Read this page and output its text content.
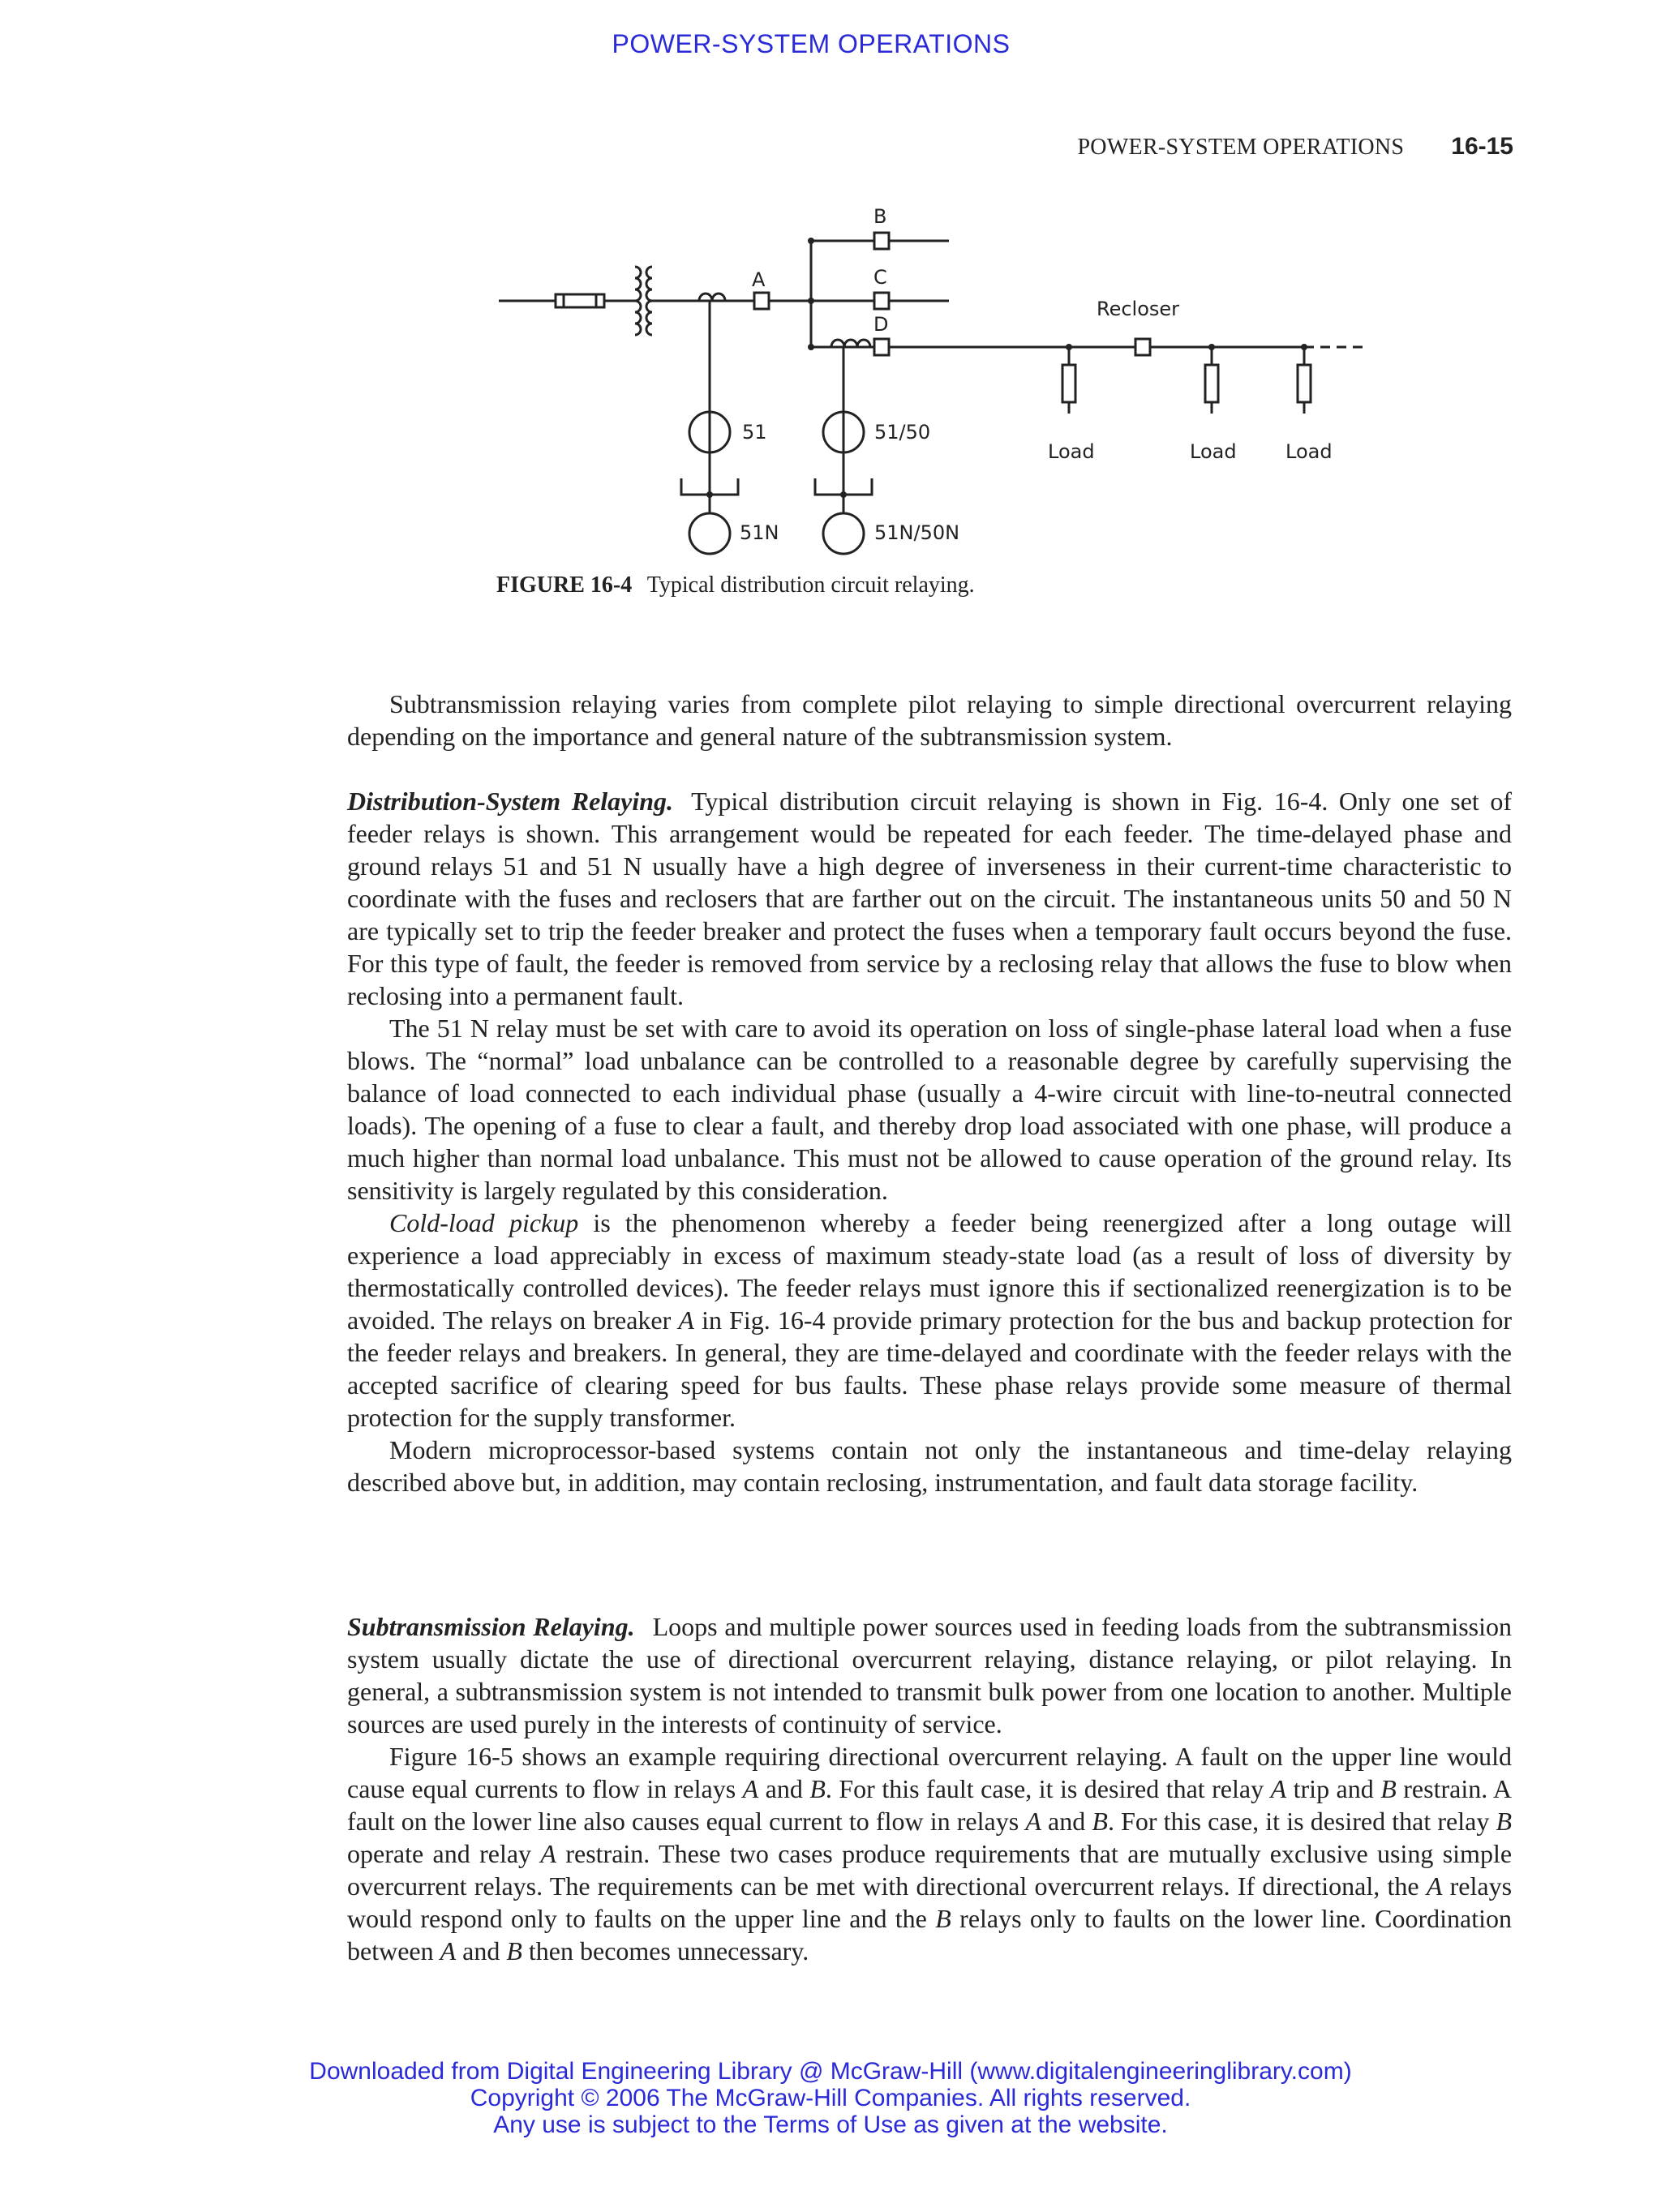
POWER-SYSTEM OPERATIONS
POWER-SYSTEM OPERATIONS 16-15
A
B
C
D
Recloser
51	51/50
51N	51N/50N
Load	Load	Load
FIGURE 16-4 Typical distribution circuit relaying.

Subtransmission relaying varies from complete pilot relaying to simple directional overcurrent relaying depending on the importance and general nature of the subtransmission system.

Distribution-System Relaying. Typical distribution circuit relaying is shown in Fig. 16-4. Only one set of feeder relays is shown. This arrangement would be repeated for each feeder. The time-delayed phase and ground relays 51 and 51 N usually have a high degree of inverseness in their current-time characteristic to coordinate with the fuses and reclosers that are farther out on the circuit. The instantaneous units 50 and 50 N are typically set to trip the feeder breaker and protect the fuses when a temporary fault occurs beyond the fuse. For this type of fault, the feeder is removed from service by a reclosing relay that allows the fuse to blow when reclosing into a permanent fault.

The 51 N relay must be set with care to avoid its operation on loss of single-phase lateral load when a fuse blows. The “normal” load unbalance can be controlled to a reasonable degree by carefully supervising the balance of load connected to each individual phase (usually a 4-wire circuit with line-to-neutral connected loads). The opening of a fuse to clear a fault, and thereby drop load associated with one phase, will produce a much higher than normal load unbalance. This must not be allowed to cause operation of the ground relay. Its sensitivity is largely regulated by this consideration.

Cold-load pickup is the phenomenon whereby a feeder being reenergized after a long outage will experience a load appreciably in excess of maximum steady-state load (as a result of loss of diversity by thermostatically controlled devices). The feeder relays must ignore this if sectionalized reenergization is to be avoided. The relays on breaker A in Fig. 16-4 provide primary protection for the bus and backup protection for the feeder relays and breakers. In general, they are time-delayed and coordinate with the feeder relays with the accepted sacrifice of clearing speed for bus faults. These phase relays provide some measure of thermal protection for the supply transformer.

Modern microprocessor-based systems contain not only the instantaneous and time-delay relaying described above but, in addition, may contain reclosing, instrumentation, and fault data storage facility.

Subtransmission Relaying. Loops and multiple power sources used in feeding loads from the subtransmission system usually dictate the use of directional overcurrent relaying, distance relaying, or pilot relaying. In general, a subtransmission system is not intended to transmit bulk power from one location to another. Multiple sources are used purely in the interests of continuity of service.

Figure 16-5 shows an example requiring directional overcurrent relaying. A fault on the upper line would cause equal currents to flow in relays A and B. For this fault case, it is desired that relay A trip and B restrain. A fault on the lower line also causes equal current to flow in relays A and B. For this case, it is desired that relay B operate and relay A restrain. These two cases produce requirements that are mutually exclusive using simple overcurrent relays. The requirements can be met with directional overcurrent relays. If directional, the A relays would respond only to faults on the upper line and the B relays only to faults on the lower line. Coordination between A and B then becomes unnecessary.

Downloaded from Digital Engineering Library @ McGraw-Hill (www.digitalengineeringlibrary.com)
Copyright © 2006 The McGraw-Hill Companies. All rights reserved.
Any use is subject to the Terms of Use as given at the website.
